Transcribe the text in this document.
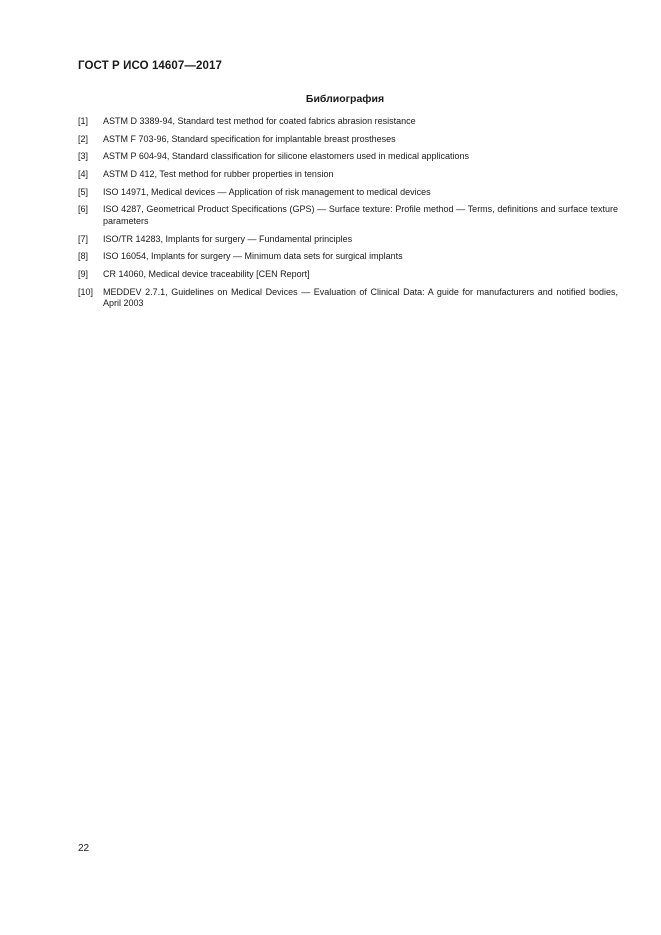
ГОСТ Р ИСО 14607—2017
Библиография
[1]	ASTM D 3389-94, Standard test method for coated fabrics abrasion resistance
[2]	ASTM F 703-96, Standard specification for implantable breast prostheses
[3]	ASTM P 604-94, Standard classification for silicone elastomers used in medical applications
[4]	ASTM D 412, Test method for rubber properties in tension
[5]	ISO 14971, Medical devices — Application of risk management to medical devices
[6]	ISO 4287, Geometrical Product Specifications (GPS) — Surface texture: Profile method — Terms, definitions and surface texture parameters
[7]	ISO/TR 14283, Implants for surgery — Fundamental principles
[8]	ISO 16054, Implants for surgery — Minimum data sets for surgical implants
[9]	CR 14060, Medical device traceability [CEN Report]
[10]	MEDDEV 2.7.1, Guidelines on Medical Devices — Evaluation of Clinical Data: A guide for manufacturers and notified bodies, April 2003
22
